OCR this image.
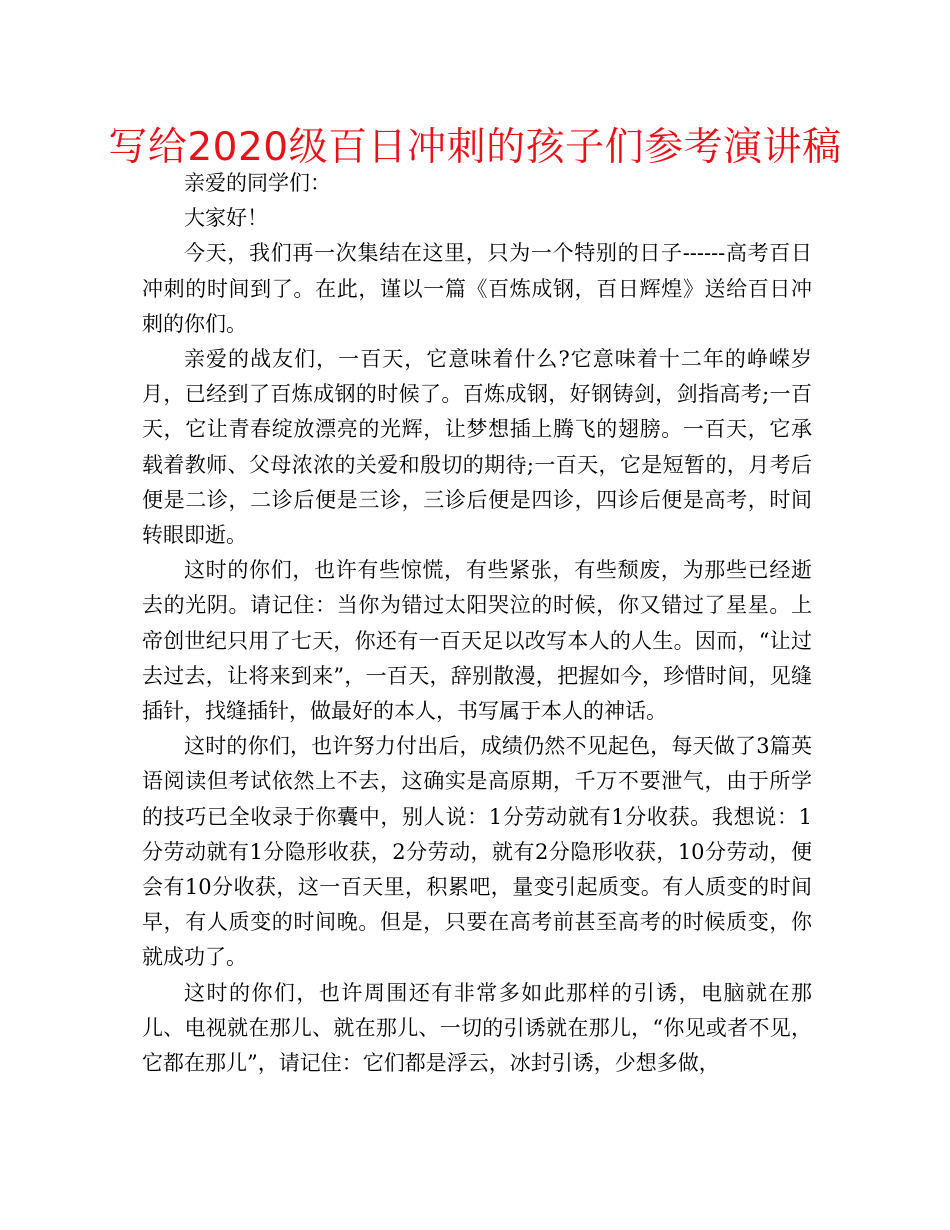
写给2020级百日冲刺的孩子们参考演讲稿

亲爱的同学们：

大家好！

今天，我们再一次集结在这里，只为一个特别的日子------高考百日冲刺的时间到了。在此，谨以一篇《百炼成钢，百日辉煌》送给百日冲刺的你们。

亲爱的战友们，一百天，它意味着什么?它意味着十二年的峥嵘岁月，已经到了百炼成钢的时候了。百炼成钢，好钢铸剑，剑指高考;一百天，它让青春绽放漂亮的光辉，让梦想插上腾飞的翅膀。一百天，它承载着教师、父母浓浓的关爱和殷切的期待;一百天，它是短暂的，月考后便是二诊，二诊后便是三诊，三诊后便是四诊，四诊后便是高考，时间转眼即逝。

这时的你们，也许有些惊慌，有些紧张，有些颓废，为那些已经逝去的光阴。请记住：当你为错过太阳哭泣的时候，你又错过了星星。上帝创世纪只用了七天，你还有一百天足以改写本人的人生。因而，“让过去过去，让将来到来”，一百天，辞别散漫，把握如今，珍惜时间，见缝插针，找缝插针，做最好的本人，书写属于本人的神话。

这时的你们，也许努力付出后，成绩仍然不见起色，每天做了3篇英语阅读但考试依然上不去，这确实是高原期，千万不要泄气，由于所学的技巧已全收录于你囊中，别人说：1分劳动就有1分收获。我想说：1分劳动就有1分隐形收获，2分劳动，就有2分隐形收获，10分劳动，便会有10分收获，这一百天里，积累吧，量变引起质变。有人质变的时间早，有人质变的时间晚。但是，只要在高考前甚至高考的时候质变，你就成功了。

这时的你们，也许周围还有非常多如此那样的引诱，电脑就在那儿、电视就在那儿、就在那儿、一切的引诱就在那儿，“你见或者不见，它都在那儿”，请记住：它们都是浮云，冰封引诱，少想多做，
